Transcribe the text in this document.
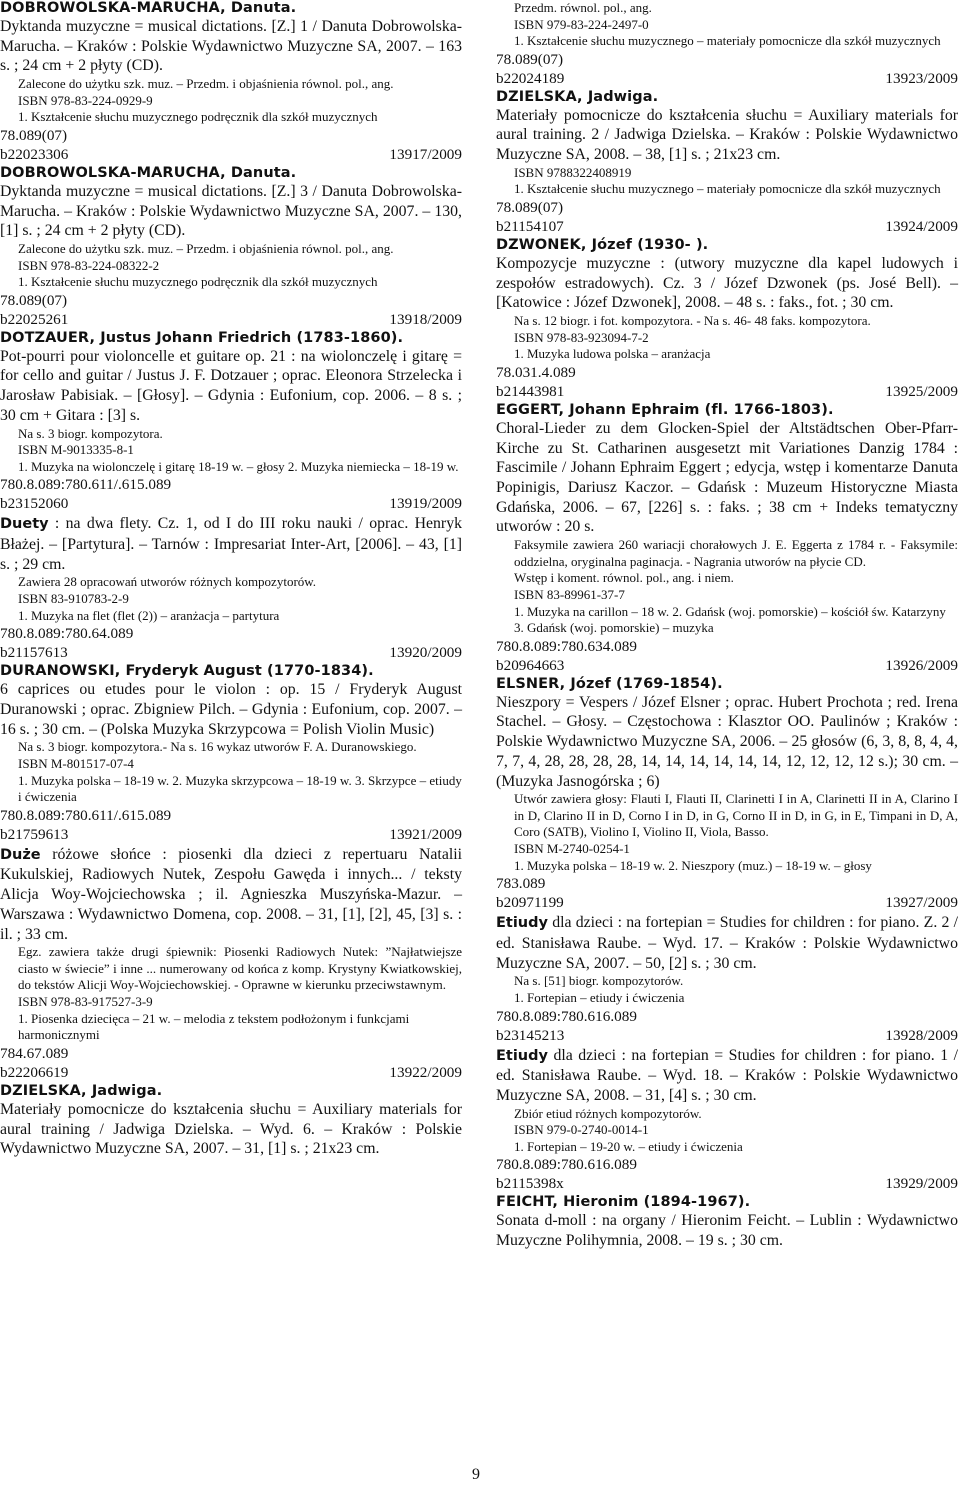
DOBROWOLSKA-MARUCHA, Danuta.
Dyktanda muzyczne = musical dictations. [Z.] 1 / Danuta Dobrowolska-Marucha. – Kraków : Polskie Wydawnictwo Muzyczne SA, 2007. – 163 s. ; 24 cm + 2 płyty (CD).
Zalecone do użytku szk. muz. – Przedm. i objaśnienia równol. pol., ang.
ISBN 978-83-224-0929-9
1. Kształcenie słuchu muzycznego podręcznik dla szkół muzycznych
78.089(07)
b22023306	13917/2009
DOBROWOLSKA-MARUCHA, Danuta.
Dyktanda muzyczne = musical dictations. [Z.] 3 / Danuta Dobrowolska-Marucha. – Kraków : Polskie Wydawnictwo Muzyczne SA, 2007. – 130, [1] s. ; 24 cm + 2 płyty (CD).
Zalecone do użytku szk. muz. – Przedm. i objaśnienia równol. pol., ang.
ISBN 978-83-224-08322-2
1. Kształcenie słuchu muzycznego podręcznik dla szkół muzycznych
78.089(07)
b22025261	13918/2009
DOTZAUER, Justus Johann Friedrich (1783-1860).
Pot-pourri pour violoncelle et guitare op. 21 : na wiolonczelę i gitarę = for cello and guitar / Justus J. F. Dotzauer ; oprac. Eleonora Strzelecka i Jarosław Pabisiak. – [Głosy]. – Gdynia : Eufonium, cop. 2006. – 8 s. ; 30 cm + Gitara : [3] s.
Na s. 3 biogr. kompozytora.
ISBN M-9013335-8-1
1. Muzyka na wiolonczelę i gitarę 18-19 w. – głosy 2. Muzyka niemiecka – 18-19 w.
780.8.089:780.611/.615.089
b23152060	13919/2009
Duety : na dwa flety. Cz. 1, od I do III roku nauki / oprac. Henryk Błażej. – [Partytura]. – Tarnów : Impresariat Inter-Art, [2006]. – 43, [1] s. ; 29 cm.
Zawiera 28 opracowań utworów różnych kompozytorów.
ISBN 83-910783-2-9
1. Muzyka na flet (flet (2)) – aranżacja – partytura
780.8.089:780.64.089
b21157613	13920/2009
DURANOWSKI, Fryderyk August (1770-1834).
6 caprices ou etudes pour le violon : op. 15 / Fryderyk August Duranowski ; oprac. Zbigniew Pilch. – Gdynia : Eufonium, cop. 2007. – 16 s. ; 30 cm. – (Polska Muzyka Skrzypcowa = Polish Violin Music)
Na s. 3 biogr. kompozytora.- Na s. 16 wykaz utworów F. A. Duranowskiego.
ISBN M-801517-07-4
1. Muzyka polska – 18-19 w. 2. Muzyka skrzypcowa – 18-19 w. 3. Skrzypce – etiudy i ćwiczenia
780.8.089:780.611/.615.089
b21759613	13921/2009
Duże różowe słońce : piosenki dla dzieci z repertuaru Natalii Kukulskiej, Radiowych Nutek, Zespołu Gawęda i innych... / teksty Alicja Woy-Wojciechowska ; il. Agnieszka Muszyńska-Mazur. – Warszawa : Wydawnictwo Domena, cop. 2008. – 31, [1], [2], 45, [3] s. : il. ; 33 cm.
Egz. zawiera także drugi śpiewnik: Piosenki Radiowych Nutek: ”Najłatwiejsze ciasto w świecie” i inne ... numerowany od końca z komp. Krystyny Kwiatkowskiej, do tekstów Alicji Woy-Wojciechowskiej. - Oprawne w kierunku przeciwstawnym.
ISBN 978-83-917527-3-9
1. Piosenka dziecięca – 21 w. – melodia z tekstem podłożonym i funkcjami harmonicznymi
784.67.089
b22206619	13922/2009
DZIELSKA, Jadwiga.
Materiały pomocnicze do kształcenia słuchu = Auxiliary materials for aural training / Jadwiga Dzielska. – Wyd. 6. – Kraków : Polskie Wydawnictwo Muzyczne SA, 2007. – 31, [1] s. ; 21x23 cm.
Przedm. równol. pol., ang.
ISBN 979-83-224-2497-0
1. Kształcenie słuchu muzycznego – materiały pomocnicze dla szkół muzycznych
78.089(07)
b22024189	13923/2009
DZIELSKA, Jadwiga.
Materiały pomocnicze do kształcenia słuchu = Auxiliary materials for aural training. 2 / Jadwiga Dzielska. – Kraków : Polskie Wydawnictwo Muzyczne SA, 2008. – 38, [1] s. ; 21x23 cm.
ISBN 9788322408919
1. Kształcenie słuchu muzycznego – materiały pomocnicze dla szkół muzycznych
78.089(07)
b21154107	13924/2009
DZWONEK, Józef (1930- ).
Kompozycje muzyczne : (utwory muzyczne dla kapel ludowych i zespołów estradowych). Cz. 3 / Józef Dzwonek (ps. José Bell). – [Katowice : Józef Dzwonek], 2008. – 48 s. : faks., fot. ; 30 cm.
Na s. 12 biogr. i fot. kompozytora. - Na s. 46- 48 faks. kompozytora.
ISBN 978-83-923094-7-2
1. Muzyka ludowa polska – aranżacja
78.031.4.089
b21443981	13925/2009
EGGERT, Johann Ephraim (fl. 1766-1803).
Choral-Lieder zu dem Glocken-Spiel der Altstädtschen Ober-Pfarr-Kirche zu St. Catharinen ausgesetzt mit Variationes Danzig 1784 : Fascimile / Johann Ephraim Eggert ; edycja, wstęp i komentarze Danuta Popinigis, Dariusz Kaczor. – Gdańsk : Muzeum Historyczne Miasta Gdańska, 2006. – 67, [226] s. : faks. ; 38 cm + Indeks tematyczny utworów : 20 s.
Faksymile zawiera 260 wariacji chorałowych J. E. Eggerta z 1784 r. - Faksymile: oddzielna, oryginalna paginacja. - Nagrania utworów na płycie CD.
Wstęp i koment. równol. pol., ang. i niem.
ISBN 83-89961-37-7
1. Muzyka na carillon – 18 w. 2. Gdańsk (woj. pomorskie) – kościół św. Katarzyny 3. Gdańsk (woj. pomorskie) – muzyka
780.8.089:780.634.089
b20964663	13926/2009
ELSNER, Józef (1769-1854).
Nieszpory = Vespers / Józef Elsner ; oprac. Hubert Prochota ; red. Irena Stachel. – Głosy. – Częstochowa : Klasztor OO. Paulinów ; Kraków : Polskie Wydawnictwo Muzyczne SA, 2006. – 25 głosów (6, 3, 8, 8, 4, 4, 7, 7, 4, 28, 28, 28, 28, 14, 14, 14, 14, 14, 14, 12, 12, 12, 12 s.); 30 cm. – (Muzyka Jasnogórska ; 6)
Utwór zawiera głosy: Flauti I, Flauti II, Clarinetti I in A, Clarinetti II in A, Clarino I in D, Clarino II in D, Corno I in D, in G, Corno II in D, in G, in E, Timpani in D, A, Coro (SATB), Violino I, Violino II, Viola, Basso.
ISBN M-2740-0254-1
1. Muzyka polska – 18-19 w. 2. Nieszpory (muz.) – 18-19 w. – głosy
783.089
b20971199	13927/2009
Etiudy dla dzieci : na fortepian = Studies for children : for piano. Z. 2 / ed. Stanisława Raube. – Wyd. 17. – Kraków : Polskie Wydawnictwo Muzyczne SA, 2007. – 50, [2] s. ; 30 cm.
Na s. [51] biogr. kompozytorów.
1. Fortepian – etiudy i ćwiczenia
780.8.089:780.616.089
b23145213	13928/2009
Etiudy dla dzieci : na fortepian = Studies for children : for piano. 1 / ed. Stanisława Raube. – Wyd. 18. – Kraków : Polskie Wydawnictwo Muzyczne SA, 2008. – 31, [4] s. ; 30 cm.
Zbiór etiud różnych kompozytorów.
ISBN 979-0-2740-0014-1
1. Fortepian – 19-20 w. – etiudy i ćwiczenia
780.8.089:780.616.089
b2115398x	13929/2009
FEICHT, Hieronim (1894-1967).
Sonata d-moll : na organy / Hieronim Feicht. – Lublin : Wydawnictwo Muzyczne Polihymnia, 2008. – 19 s. ; 30 cm.
9
